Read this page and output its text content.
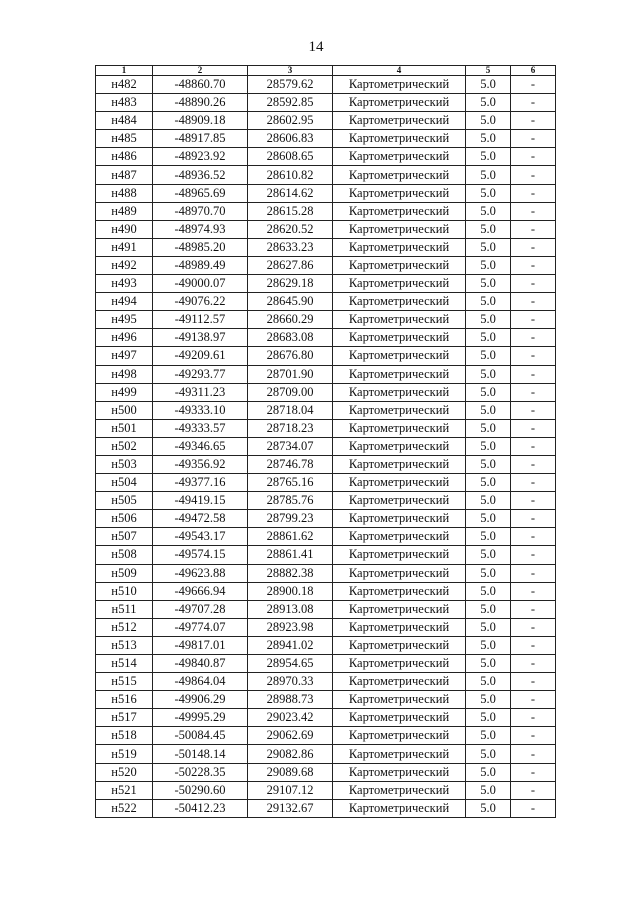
14
1	2	3	4	5	6
н482	-48860.70	28579.62	Картометрический	5.0	-
н483	-48890.26	28592.85	Картометрический	5.0	-
н484	-48909.18	28602.95	Картометрический	5.0	-
н485	-48917.85	28606.83	Картометрический	5.0	-
н486	-48923.92	28608.65	Картометрический	5.0	-
н487	-48936.52	28610.82	Картометрический	5.0	-
н488	-48965.69	28614.62	Картометрический	5.0	-
н489	-48970.70	28615.28	Картометрический	5.0	-
н490	-48974.93	28620.52	Картометрический	5.0	-
н491	-48985.20	28633.23	Картометрический	5.0	-
н492	-48989.49	28627.86	Картометрический	5.0	-
н493	-49000.07	28629.18	Картометрический	5.0	-
н494	-49076.22	28645.90	Картометрический	5.0	-
н495	-49112.57	28660.29	Картометрический	5.0	-
н496	-49138.97	28683.08	Картометрический	5.0	-
н497	-49209.61	28676.80	Картометрический	5.0	-
н498	-49293.77	28701.90	Картометрический	5.0	-
н499	-49311.23	28709.00	Картометрический	5.0	-
н500	-49333.10	28718.04	Картометрический	5.0	-
н501	-49333.57	28718.23	Картометрический	5.0	-
н502	-49346.65	28734.07	Картометрический	5.0	-
н503	-49356.92	28746.78	Картометрический	5.0	-
н504	-49377.16	28765.16	Картометрический	5.0	-
н505	-49419.15	28785.76	Картометрический	5.0	-
н506	-49472.58	28799.23	Картометрический	5.0	-
н507	-49543.17	28861.62	Картометрический	5.0	-
н508	-49574.15	28861.41	Картометрический	5.0	-
н509	-49623.88	28882.38	Картометрический	5.0	-
н510	-49666.94	28900.18	Картометрический	5.0	-
н511	-49707.28	28913.08	Картометрический	5.0	-
н512	-49774.07	28923.98	Картометрический	5.0	-
н513	-49817.01	28941.02	Картометрический	5.0	-
н514	-49840.87	28954.65	Картометрический	5.0	-
н515	-49864.04	28970.33	Картометрический	5.0	-
н516	-49906.29	28988.73	Картометрический	5.0	-
н517	-49995.29	29023.42	Картометрический	5.0	-
н518	-50084.45	29062.69	Картометрический	5.0	-
н519	-50148.14	29082.86	Картометрический	5.0	-
н520	-50228.35	29089.68	Картометрический	5.0	-
н521	-50290.60	29107.12	Картометрический	5.0	-
н522	-50412.23	29132.67	Картометрический	5.0	-
